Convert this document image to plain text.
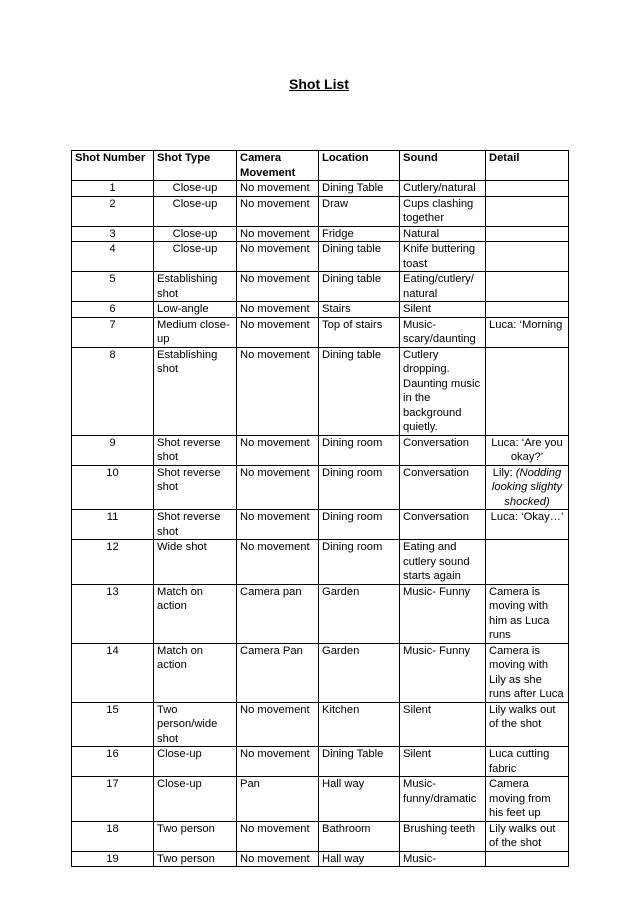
Shot List
Shot Number	Shot Type	Camera Movement	Location	Sound	Detail
1	Close-up	No movement	Dining Table	Cutlery/natural	
2	Close-up	No movement	Draw	Cups clashing together	
3	Close-up	No movement	Fridge	Natural	
4	Close-up	No movement	Dining table	Knife buttering toast	
5	Establishing shot	No movement	Dining table	Eating/cutlery/ natural	
6	Low-angle	No movement	Stairs	Silent	
7	Medium close-up	No movement	Top of stairs	Music- scary/daunting	Luca: ‘Morning
8	Establishing shot	No movement	Dining table	Cutlery dropping. Daunting music in the background quietly.	
9	Shot reverse shot	No movement	Dining room	Conversation	Luca: ‘Are you okay?’
10	Shot reverse shot	No movement	Dining room	Conversation	Lily: (Nodding looking slighty shocked)
11	Shot reverse shot	No movement	Dining room	Conversation	Luca: ‘Okay…’
12	Wide shot	No movement	Dining room	Eating and cutlery sound starts again	
13	Match on action	Camera pan	Garden	Music- Funny	Camera is moving with him as Luca runs
14	Match on action	Camera Pan	Garden	Music- Funny	Camera is moving with Lily as she runs after Luca
15	Two person/wide shot	No movement	Kitchen	Silent	Lily walks out of the shot
16	Close-up	No movement	Dining Table	Silent	Luca cutting fabric
17	Close-up	Pan	Hall way	Music- funny/dramatic	Camera moving from his feet up
18	Two person	No movement	Bathroom	Brushing teeth	Lily walks out of the shot
19	Two person	No movement	Hall way	Music-	
